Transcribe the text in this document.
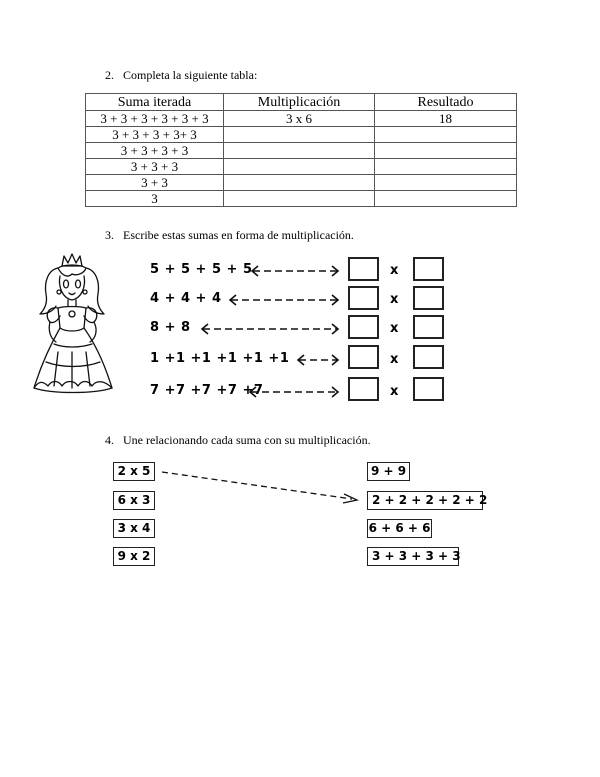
2. Completa la siguiente tabla:
Suma iterada	Multiplicación	Resultado
3 + 3 + 3 + 3 + 3 + 3	3 x 6	18
3 + 3 + 3 + 3+ 3		
3 + 3 + 3 + 3		
3 + 3 + 3		
3 + 3		
3		
3. Escribe estas sumas en forma de multiplicación.
5 + 5 + 5 + 5	x
4 + 4 + 4	x
8 + 8	x
1 +1 +1 +1 +1 +1	x
7 +7 +7 +7 +7	x
4. Une relacionando cada suma con su multiplicación.
2 x 5
6 x 3
3 x 4
9 x 2
9 + 9
2 + 2 + 2 + 2 + 2
6 + 6 + 6
3 + 3 + 3 + 3
